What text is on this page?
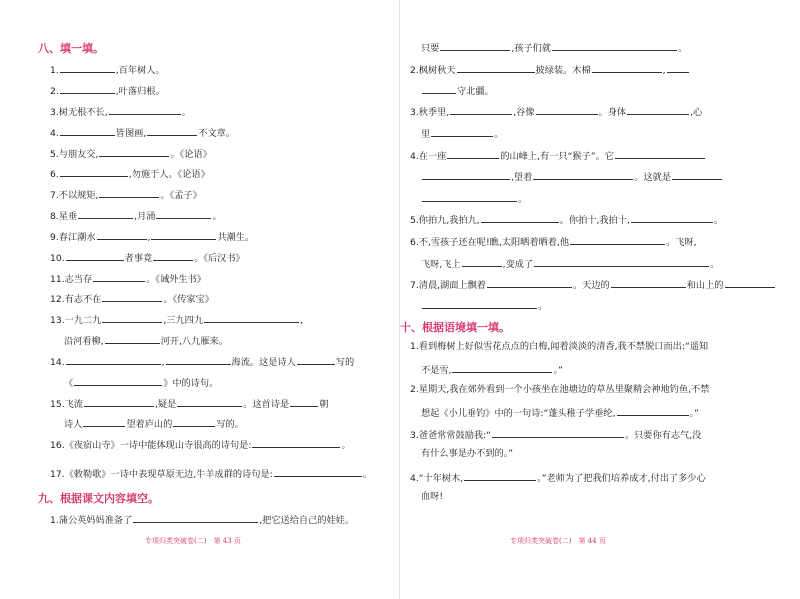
八、填一填。
1.	,百年树人。
2.	,叶落归根。
3.树无根不长,	。
4.	皆图画,	不文章。
5.与朋友交,	。《论语》
6.	,勿施于人。《论语》
7.不以规矩,	。《孟子》
8.星垂	,月涌	。
9.春江潮水	,	共潮生。
10.	者事竟	。《后汉书》
11.志当存	。《诫外生书》
12.有志不在	。《传家宝》
13.一九二九	,三九四九	,
沿河看柳,	河开,八九雁来。
14.	,	海流。这是诗人	写的
《	》中的诗句。
15.飞流	,疑是	。这首诗是	朝
诗人	望着庐山的	写的。
16.《夜宿山寺》一诗中能体现山寺很高的诗句是:	。
17.《敕勒歌》一诗中表现草原无边,牛羊成群的诗句是:	。
九、根据课文内容填空。
1.蒲公英妈妈准备了	,把它送给自己的娃娃。
专项归类突破卷(二)　第 43 页
只要	,孩子们就	。
2.枫树秋天	披绿装。木棉	,
守北疆。
3.秋季里,	,谷像	。身体	,心
里	。
4.在一座	的山峰上,有一只“猴子”。它
,望着	。这就是
。
5.你拍九,我拍九,	。你拍十,我拍十,	。
6.不,雪孩子还在呢!瞧,太阳晒着晒着,他	。飞呀,
飞呀,飞上	,变成了	。
7.清晨,湖面上飘着	。天边的	和山上的
。
十、根据语境填一填。
1.看到梅树上好似雪花点点的白梅,闻着淡淡的清香,我不禁脱口而出:“遥知
不是雪,	。”
2.星期天,我在郊外看到一个小孩坐在池塘边的草丛里聚精会神地钓鱼,不禁
想起《小儿垂钓》中的一句诗:“蓬头稚子学垂纶,	。”
3.爸爸常常鼓励我:“	。只要你有志气,没
有什么事是办不到的。”
4.“十年树木,	。”老师为了把我们培养成才,付出了多少心
血呀!
专项归类突破卷(二)　第 44 页
